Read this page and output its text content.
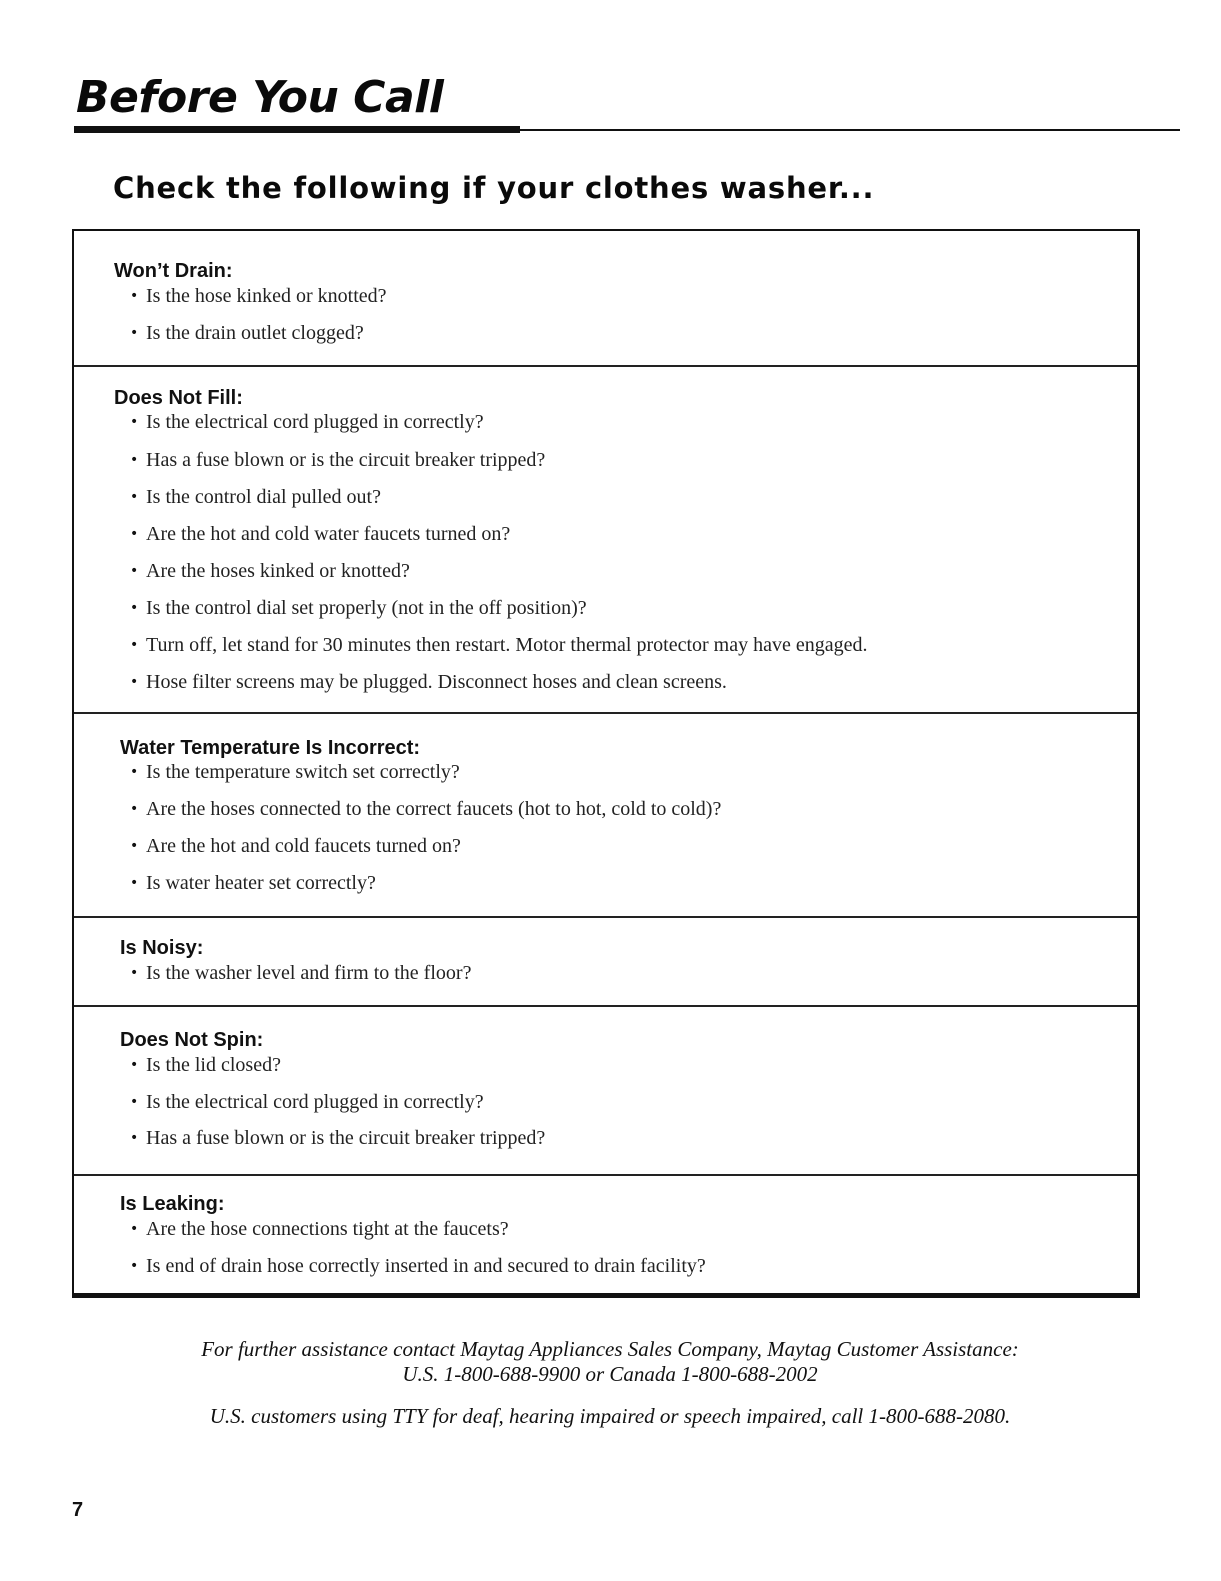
Before You Call
Check the following if your clothes washer...
Won’t Drain:
• Is the hose kinked or knotted?
• Is the drain outlet clogged?
Does Not Fill:
• Is the electrical cord plugged in correctly?
• Has a fuse blown or is the circuit breaker tripped?
• Is the control dial pulled out?
• Are the hot and cold water faucets turned on?
• Are the hoses kinked or knotted?
• Is the control dial set properly (not in the off position)?
• Turn off, let stand for 30 minutes then restart. Motor thermal protector may have engaged.
• Hose filter screens may be plugged. Disconnect hoses and clean screens.
Water Temperature Is Incorrect:
• Is the temperature switch set correctly?
• Are the hoses connected to the correct faucets (hot to hot, cold to cold)?
• Are the hot and cold faucets turned on?
• Is water heater set correctly?
Is Noisy:
• Is the washer level and firm to the floor?
Does Not Spin:
• Is the lid closed?
• Is the electrical cord plugged in correctly?
• Has a fuse blown or is the circuit breaker tripped?
Is Leaking:
• Are the hose connections tight at the faucets?
• Is end of drain hose correctly inserted in and secured to drain facility?

For further assistance contact Maytag Appliances Sales Company, Maytag Customer Assistance:

U.S. 1-800-688-9900 or Canada 1-800-688-2002

U.S. customers using TTY for deaf, hearing impaired or speech impaired, call 1-800-688-2080.

7
